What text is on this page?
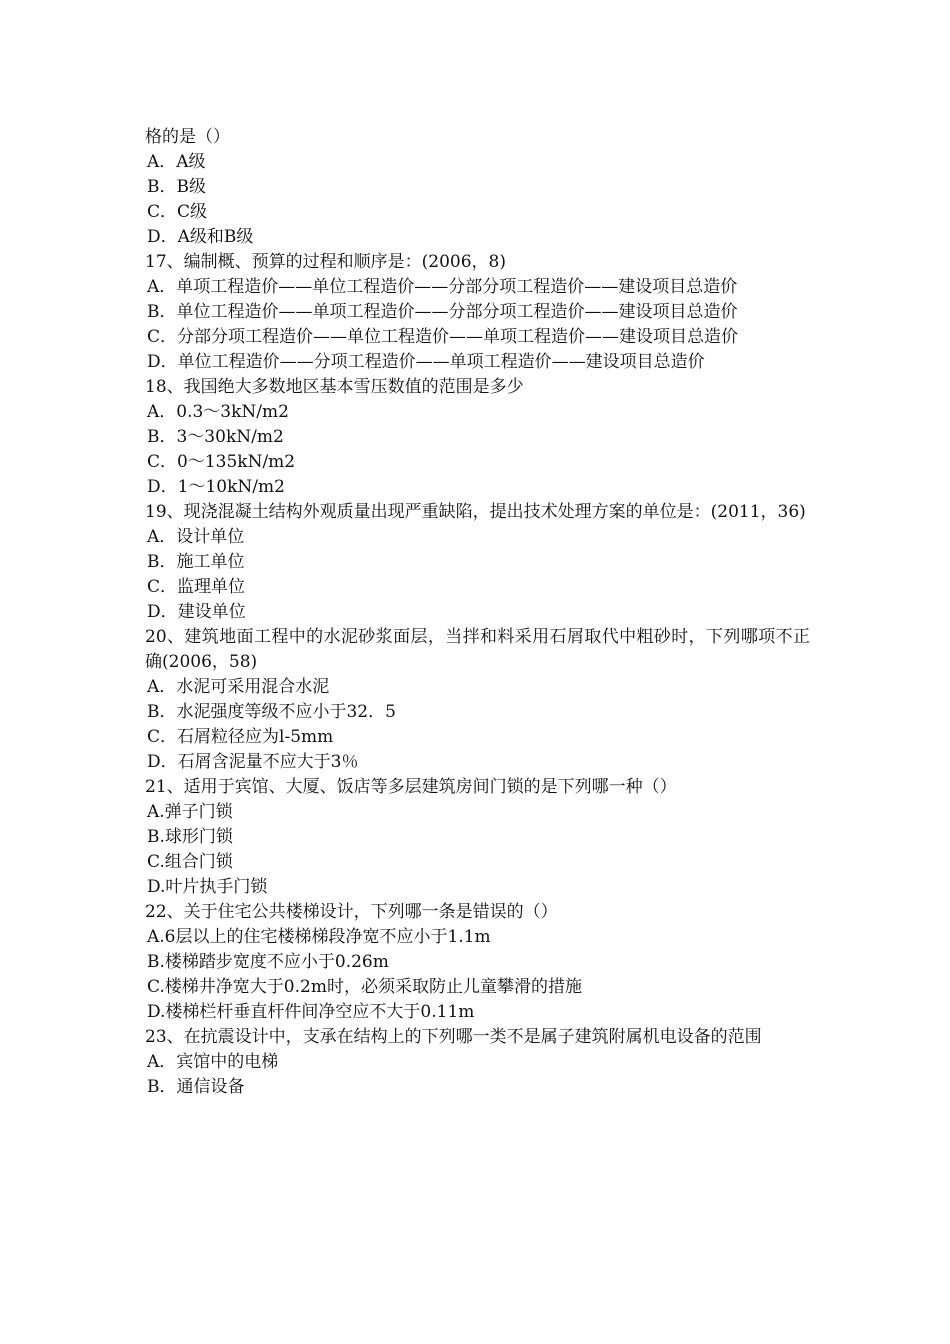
格的是（）
A．A级
B．B级
C．C级
D．A级和B级
17、编制概、预算的过程和顺序是：(2006，8)
A．单项工程造价——单位工程造价——分部分项工程造价——建设项目总造价
B．单位工程造价——单项工程造价——分部分项工程造价——建设项目总造价
C．分部分项工程造价——单位工程造价——单项工程造价——建设项目总造价
D．单位工程造价——分项工程造价——单项工程造价——建设项目总造价
18、我国绝大多数地区基本雪压数值的范围是多少
A．0.3～3kN/m2
B．3～30kN/m2
C．0～135kN/m2
D．1～10kN/m2
19、现浇混凝土结构外观质量出现严重缺陷，提出技术处理方案的单位是：(2011，36)
A．设计单位
B．施工单位
C．监理单位
D．建设单位
20、建筑地面工程中的水泥砂浆面层，当拌和料采用石屑取代中粗砂时，下列哪项不正确(2006，58)
A．水泥可采用混合水泥
B．水泥强度等级不应小于32．5
C．石屑粒径应为l-5mm
D．石屑含泥量不应大于3％
21、适用于宾馆、大厦、饭店等多层建筑房间门锁的是下列哪一种（）
A.弹子门锁
B.球形门锁
C.组合门锁
D.叶片执手门锁
22、关于住宅公共楼梯设计，下列哪一条是错误的（）
A.6层以上的住宅楼梯梯段净宽不应小于1.1m
B.楼梯踏步宽度不应小于0.26m
C.楼梯井净宽大于0.2m时，必须采取防止儿童攀滑的措施
D.楼梯栏杆垂直杆件间净空应不大于0.11m
23、在抗震设计中，支承在结构上的下列哪一类不是属子建筑附属机电设备的范围
A．宾馆中的电梯
B．通信设备
